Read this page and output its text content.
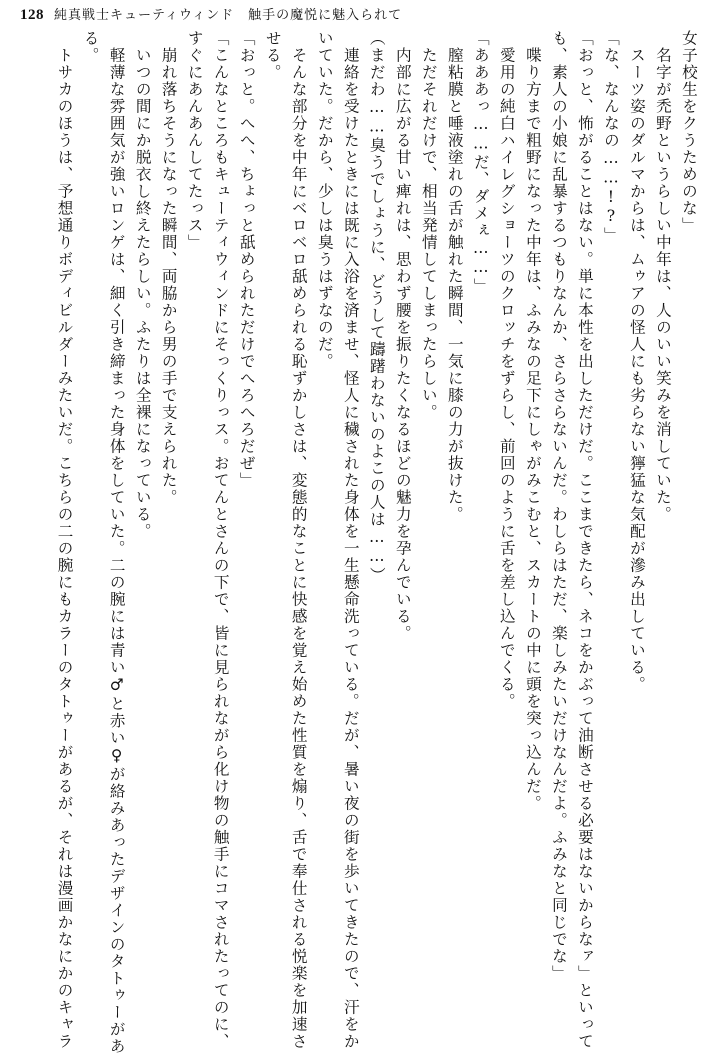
128 純真戦士キューティウィンド　触手の魔悦に魅入られて
女子校生をクうためのな」
　名字が禿野というらしい中年は、人のいい笑みを消していた。
　スーツ姿のダルマからは、ムゥアの怪人にも劣らない獰猛な気配が滲み出している。
「な、なんなの……!?」
「おっと、怖がることはない。単に本性を出しただけだ。ここまできたら、ネコをかぶって油断させる必要はないからなァ」といって
も、素人の小娘に乱暴するつもりなんか、さらさらないんだ。わしらはただ、楽しみたいだけなんだよ。ふみなと同じでな」
　喋り方まで粗野になった中年は、ふみなの足下にしゃがみこむと、スカートの中に頭を突っ込んだ。
　愛用の純白ハイレグショーツのクロッチをずらし、前回のように舌を差し込んでくる。
「あああっ……だ、ダメぇ……」
　膣粘膜と唾液塗れの舌が触れた瞬間、一気に膝の力が抜けた。
　ただそれだけで、相当発情してしまったらしい。
　内部に広がる甘い痺れは、思わず腰を振りたくなるほどの魅力を孕んでいる。
（まだわ……臭うでしょうに、どうして躊躇わないのよこの人は……）
　連絡を受けたときには既に入浴を済ませ、怪人に穢された身体を一生懸命洗っている。だが、暑い夜の街を歩いてきたので、汗をか
いていた。だから、少しは臭うはずなのだ。
　そんな部分を中年にベロベロ舐められる恥ずかしさは、変態的なことに快感を覚え始めた性質を煽り、舌で奉仕される悦楽を加速さ
せる。
「おっと。へへ、ちょっと舐められただけでへろへろだぜ」
「こんなところもキューティウィンドにそっくりっス。おてんとさんの下で、皆に見られながら化け物の触手にコマされたってのに、
すぐにあんあんしてたっス」
　崩れ落ちそうになった瞬間、両脇から男の手で支えられた。
　いつの間にか脱衣し終えたらしい。ふたりは全裸になっている。
　軽薄な雰囲気が強いロンゲは、細く引き締まった身体をしていた。二の腕には青い♂と赤い♀が絡みあったデザインのタトゥーがあ
る。
　トサカのほうは、予想通りボディビルダーみたいだ。こちらの二の腕にもカラーのタトゥーがあるが、それは漫画かなにかのキャラ
